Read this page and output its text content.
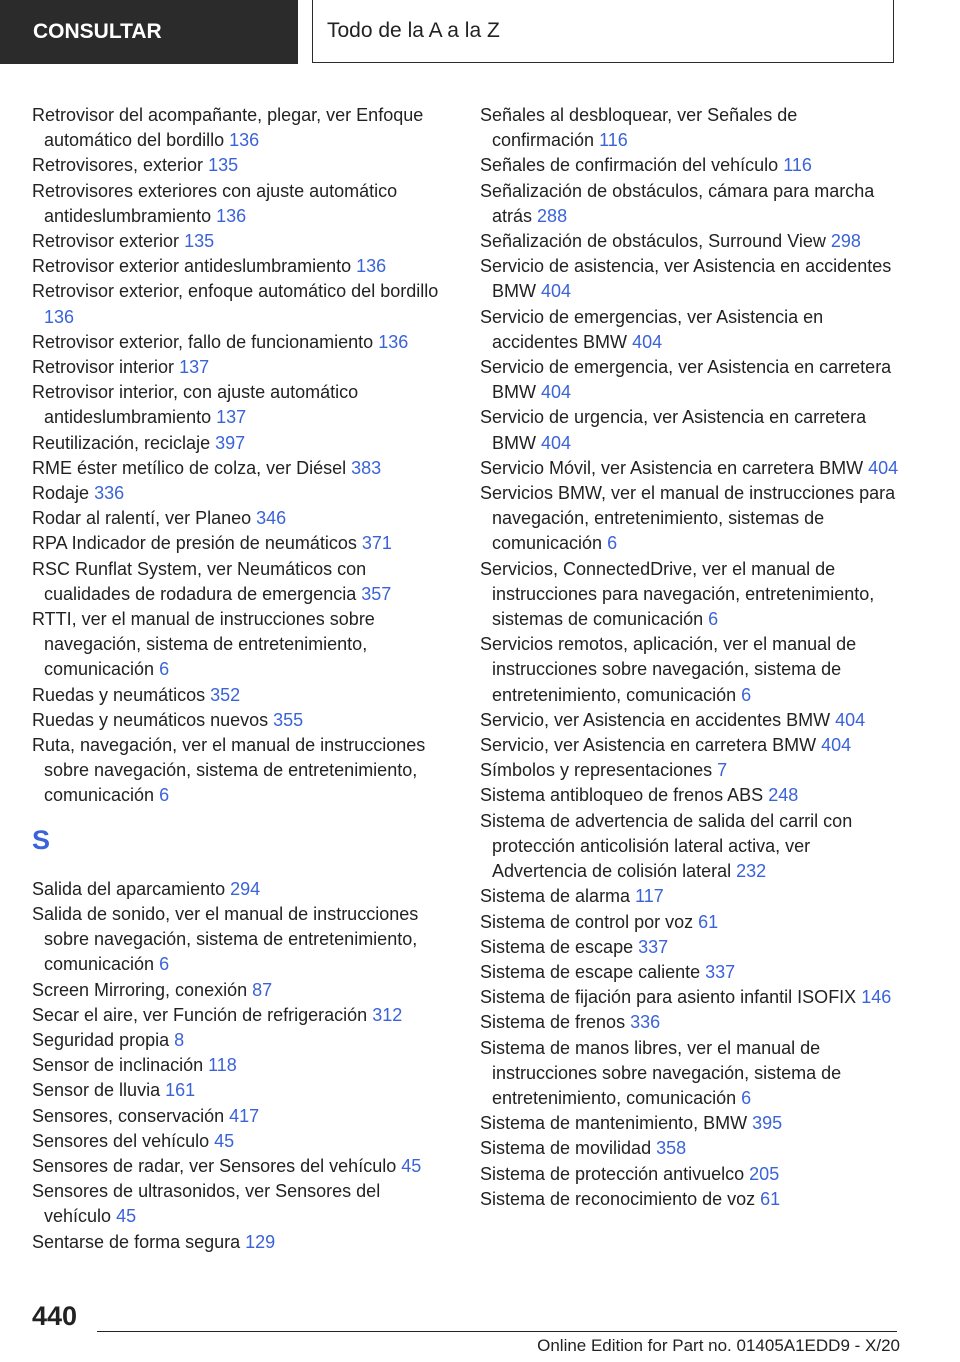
CONSULTAR	Todo de la A a la Z
Retrovisor del acompañante, plegar, ver Enfoque automático del bordillo 136
Retrovisores, exterior 135
Retrovisores exteriores con ajuste automático antideslumbramiento 136
Retrovisor exterior 135
Retrovisor exterior antideslumbramiento 136
Retrovisor exterior, enfoque automático del bordillo 136
Retrovisor exterior, fallo de funcionamiento 136
Retrovisor interior 137
Retrovisor interior, con ajuste automático antideslumbramiento 137
Reutilización, reciclaje 397
RME éster metílico de colza, ver Diésel 383
Rodaje 336
Rodar al ralentí, ver Planeo 346
RPA Indicador de presión de neumáticos 371
RSC Runflat System, ver Neumáticos con cualidades de rodadura de emergencia 357
RTTI, ver el manual de instrucciones sobre navegación, sistema de entretenimiento, comunicación 6
Ruedas y neumáticos 352
Ruedas y neumáticos nuevos 355
Ruta, navegación, ver el manual de instrucciones sobre navegación, sistema de entretenimiento, comunicación 6
S
Salida del aparcamiento 294
Salida de sonido, ver el manual de instrucciones sobre navegación, sistema de entretenimiento, comunicación 6
Screen Mirroring, conexión 87
Secar el aire, ver Función de refrigeración 312
Seguridad propia 8
Sensor de inclinación 118
Sensor de lluvia 161
Sensores, conservación 417
Sensores del vehículo 45
Sensores de radar, ver Sensores del vehículo 45
Sensores de ultrasonidos, ver Sensores del vehículo 45
Sentarse de forma segura 129
Señales al desbloquear, ver Señales de confirmación 116
Señales de confirmación del vehículo 116
Señalización de obstáculos, cámara para marcha atrás 288
Señalización de obstáculos, Surround View 298
Servicio de asistencia, ver Asistencia en accidentes BMW 404
Servicio de emergencias, ver Asistencia en accidentes BMW 404
Servicio de emergencia, ver Asistencia en carretera BMW 404
Servicio de urgencia, ver Asistencia en carretera BMW 404
Servicio Móvil, ver Asistencia en carretera BMW 404
Servicios BMW, ver el manual de instrucciones para navegación, entretenimiento, sistemas de comunicación 6
Servicios, ConnectedDrive, ver el manual de instrucciones para navegación, entretenimiento, sistemas de comunicación 6
Servicios remotos, aplicación, ver el manual de instrucciones sobre navegación, sistema de entretenimiento, comunicación 6
Servicio, ver Asistencia en accidentes BMW 404
Servicio, ver Asistencia en carretera BMW 404
Símbolos y representaciones 7
Sistema antibloqueo de frenos ABS 248
Sistema de advertencia de salida del carril con protección anticolisión lateral activa, ver Advertencia de colisión lateral 232
Sistema de alarma 117
Sistema de control por voz 61
Sistema de escape 337
Sistema de escape caliente 337
Sistema de fijación para asiento infantil ISOFIX 146
Sistema de frenos 336
Sistema de manos libres, ver el manual de instrucciones sobre navegación, sistema de entretenimiento, comunicación 6
Sistema de mantenimiento, BMW 395
Sistema de movilidad 358
Sistema de protección antivuelco 205
Sistema de reconocimiento de voz 61
440
Online Edition for Part no. 01405A1EDD9 - X/20
